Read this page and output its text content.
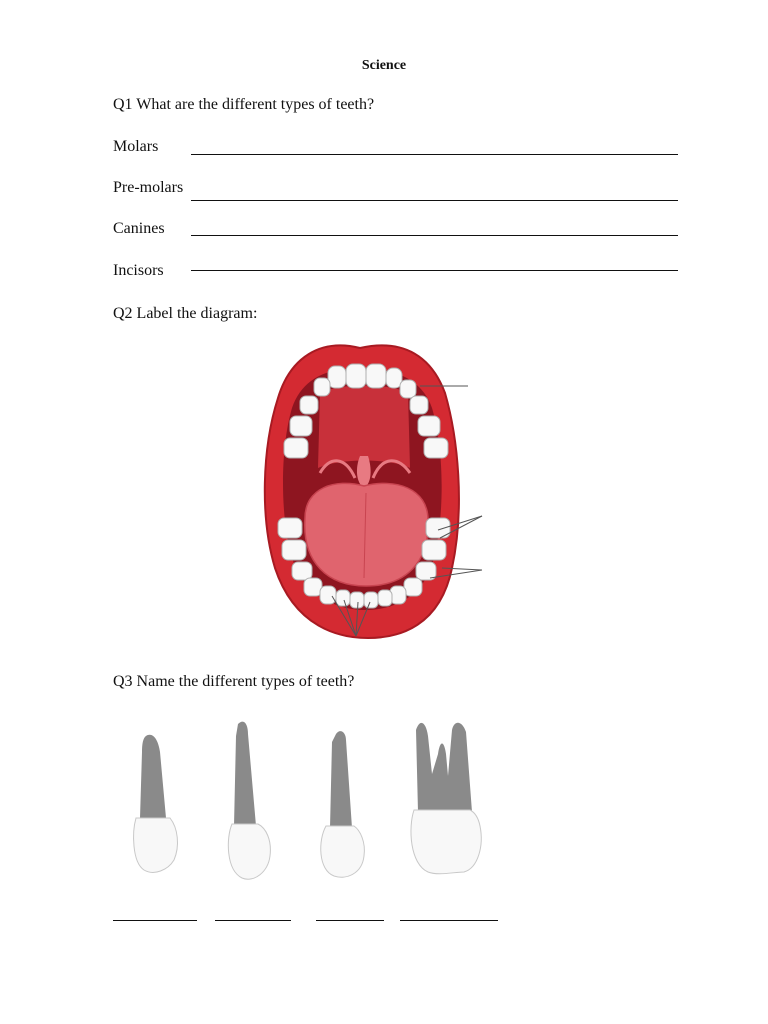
Science
Q1 What are the different types of teeth?
Molars
Pre-molars
Canines
Incisors
Q2 Label the diagram:
Q3 Name the different types of teeth?
